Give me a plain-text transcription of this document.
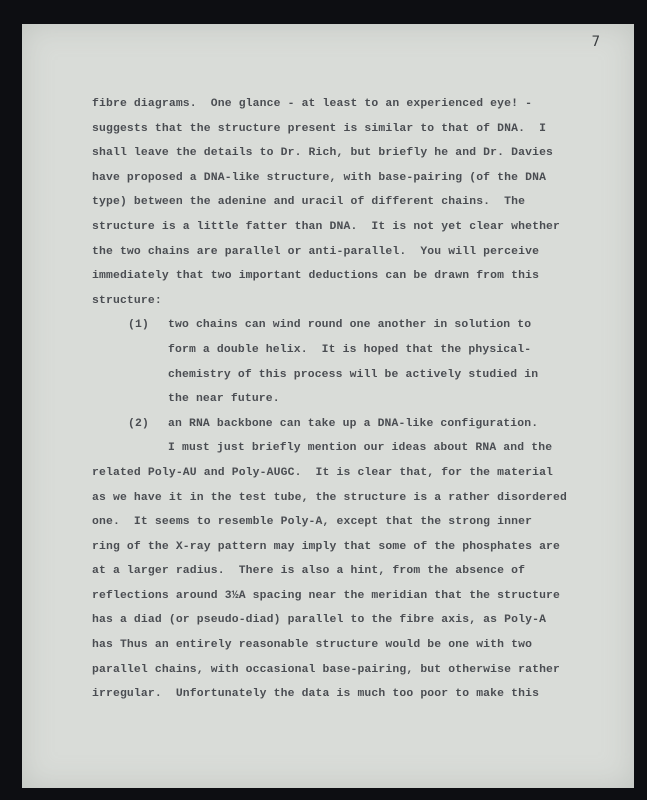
7
fibre diagrams.  One glance - at least to an experienced eye! -
suggests that the structure present is similar to that of DNA.  I
shall leave the details to Dr. Rich, but briefly he and Dr. Davies
have proposed a DNA-like structure, with base-pairing (of the DNA
type) between the adenine and uracil of different chains.  The
structure is a little fatter than DNA.  It is not yet clear whether
the two chains are parallel or anti-parallel.  You will perceive
immediately that two important deductions can be drawn from this
structure:
(1)	two chains can wind round one another in solution to
form a double helix.  It is hoped that the physical-
chemistry of this process will be actively studied in
the near future.
(2)	an RNA backbone can take up a DNA-like configuration.
I must just briefly mention our ideas about RNA and the
related Poly-AU and Poly-AUGC.  It is clear that, for the material
as we have it in the test tube, the structure is a rather disordered
one.  It seems to resemble Poly-A, except that the strong inner
ring of the X-ray pattern may imply that some of the phosphates are
at a larger radius.  There is also a hint, from the absence of
reflections around 3½A spacing near the meridian that the structure
has a diad (or pseudo-diad) parallel to the fibre axis, as Poly-A
has Thus an entirely reasonable structure would be one with two
parallel chains, with occasional base-pairing, but otherwise rather
irregular.  Unfortunately the data is much too poor to make this
